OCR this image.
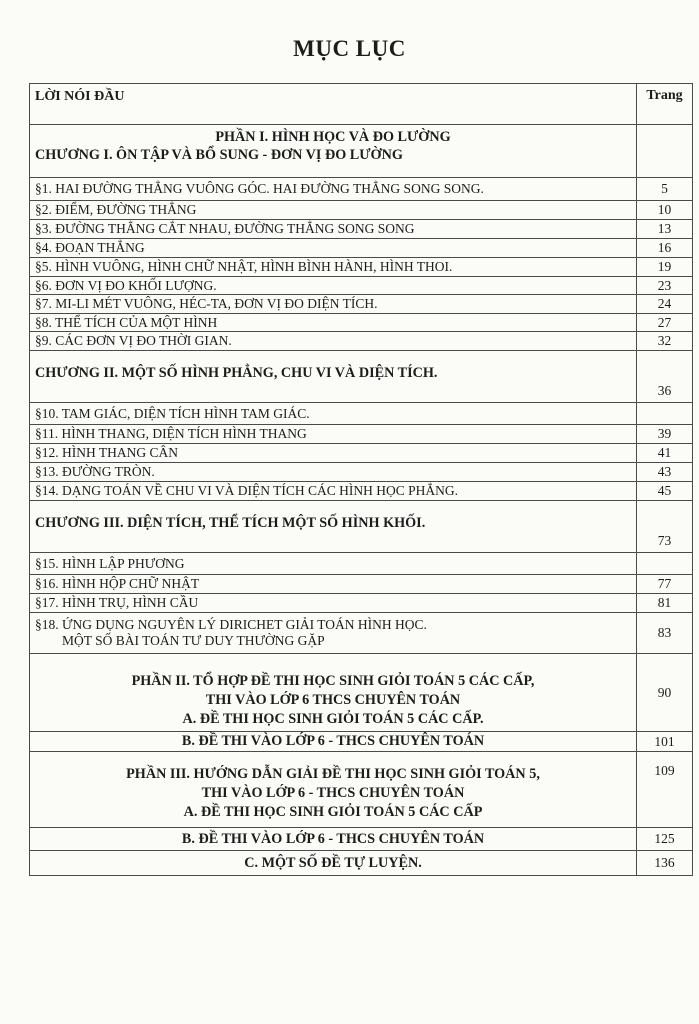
MỤC LỤC
LỜI NÓI ĐẦU	Trang

PHẦN I. HÌNH HỌC VÀ ĐO LƯỜNG
CHƯƠNG I. ÔN TẬP VÀ BỔ SUNG - ĐƠN VỊ ĐO LƯỜNG	

§1. HAI ĐƯỜNG THẲNG VUÔNG GÓC. HAI ĐƯỜNG THẲNG SONG SONG.	5
§2. ĐIỂM, ĐƯỜNG THẲNG	10
§3. ĐƯỜNG THẲNG CẮT NHAU, ĐƯỜNG THẲNG SONG SONG	13
§4. ĐOẠN THẲNG	16
§5. HÌNH VUÔNG, HÌNH CHỮ NHẬT, HÌNH BÌNH HÀNH, HÌNH THOI.	19
§6. ĐƠN VỊ ĐO KHỐI LƯỢNG.	23
§7. MI-LI MÉT VUÔNG, HÉC-TA, ĐƠN VỊ ĐO DIỆN TÍCH.	24
§8. THỂ TÍCH CỦA MỘT HÌNH	27
§9. CÁC ĐƠN VỊ ĐO THỜI GIAN.	32

CHƯƠNG II. MỘT SỐ HÌNH PHẲNG, CHU VI VÀ DIỆN TÍCH.	36
§10. TAM GIÁC, DIỆN TÍCH HÌNH TAM GIÁC.	
§11. HÌNH THANG, DIỆN TÍCH HÌNH THANG	39
§12. HÌNH THANG CÂN	41
§13. ĐƯỜNG TRÒN.	43
§14. DẠNG TOÁN VỀ CHU VI VÀ DIỆN TÍCH CÁC HÌNH HỌC PHẲNG.	45

CHƯƠNG III. DIỆN TÍCH, THỂ TÍCH MỘT SỐ HÌNH KHỐI.	73
§15. HÌNH LẬP PHƯƠNG	
§16. HÌNH HỘP CHỮ NHẬT	77
§17. HÌNH TRỤ, HÌNH CẦU	81

§18. ỨNG DỤNG NGUYÊN LÝ DIRICHET GIẢI TOÁN HÌNH HỌC.
MỘT SỐ BÀI TOÁN TƯ DUY THƯỜNG GẶP	83

PHẦN II. TỔ HỢP ĐỀ THI HỌC SINH GIỎI TOÁN 5 CÁC CẤP,
THI VÀO LỚP 6 THCS CHUYÊN TOÁN
A. ĐỀ THI HỌC SINH GIỎI TOÁN 5 CÁC CẤP.	90
B. ĐỀ THI VÀO LỚP 6 - THCS CHUYÊN TOÁN	101

PHẦN III. HƯỚNG DẪN GIẢI ĐỀ THI HỌC SINH GIỎI TOÁN 5,
THI VÀO LỚP 6 - THCS CHUYÊN TOÁN
A. ĐỀ THI HỌC SINH GIỎI TOÁN 5 CÁC CẤP	109
B. ĐỀ THI VÀO LỚP 6 - THCS CHUYÊN TOÁN	125
C. MỘT SỐ ĐỀ TỰ LUYỆN.	136
